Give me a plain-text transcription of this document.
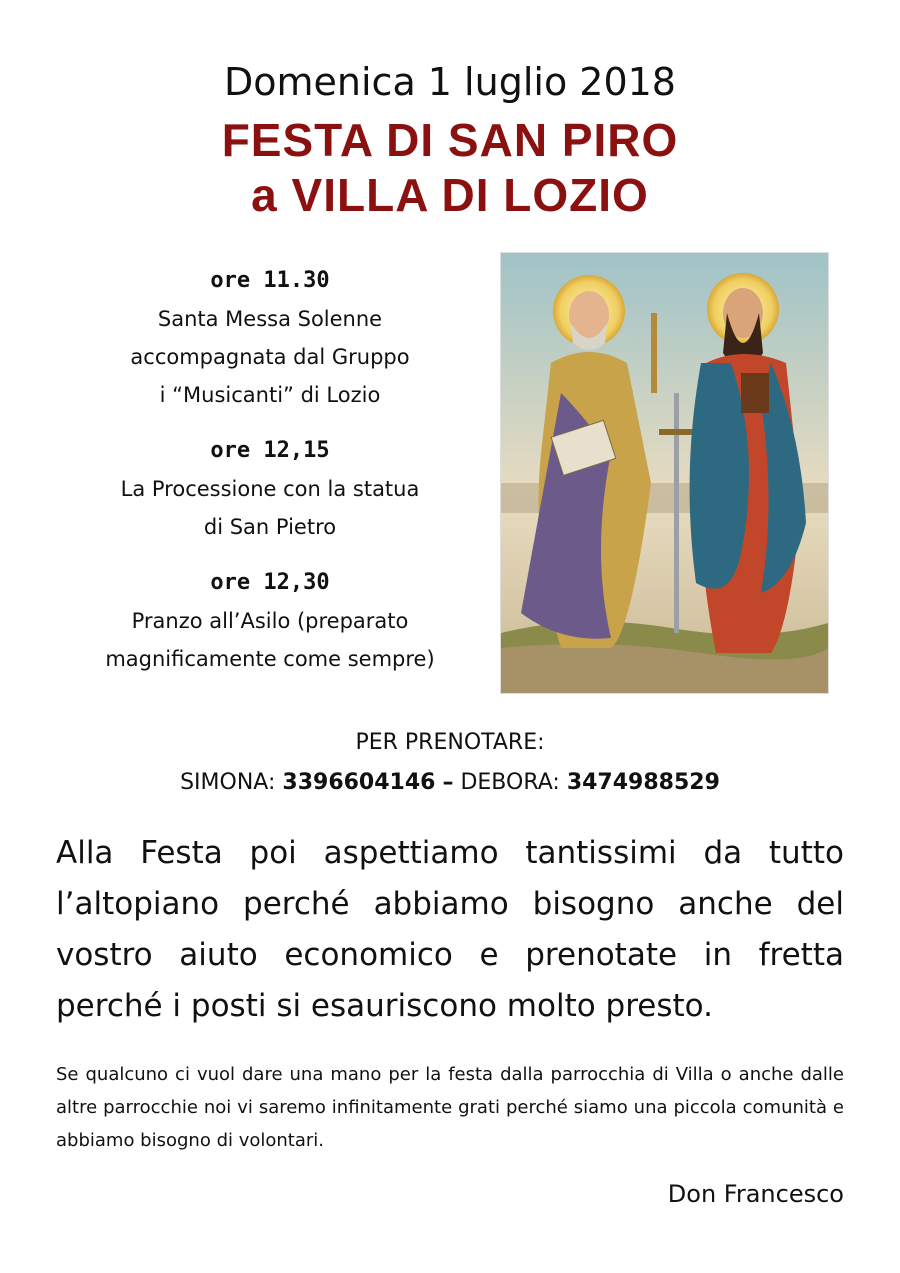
Domenica 1 luglio 2018
FESTA DI SAN PIRO
a VILLA DI LOZIO
ore 11.30
Santa Messa Solenne
accompagnata dal Gruppo
i “Musicanti” di Lozio
ore 12,15
La Processione con la statua
di San Pietro
ore 12,30
Pranzo all’Asilo (preparato
magnificamente come sempre)
PER PRENOTARE:
SIMONA: 3396604146 – DEBORA: 3474988529
Alla Festa poi aspettiamo tantissimi da tutto l’altopiano perché abbiamo bisogno anche del vostro aiuto economico e prenotate in fretta perché i posti si esauriscono molto presto.
Se qualcuno ci vuol dare una mano per la festa dalla parrocchia di Villa o anche dalle altre parrocchie noi vi saremo infinitamente grati perché siamo una piccola comunità e abbiamo bisogno di volontari.
Don Francesco
